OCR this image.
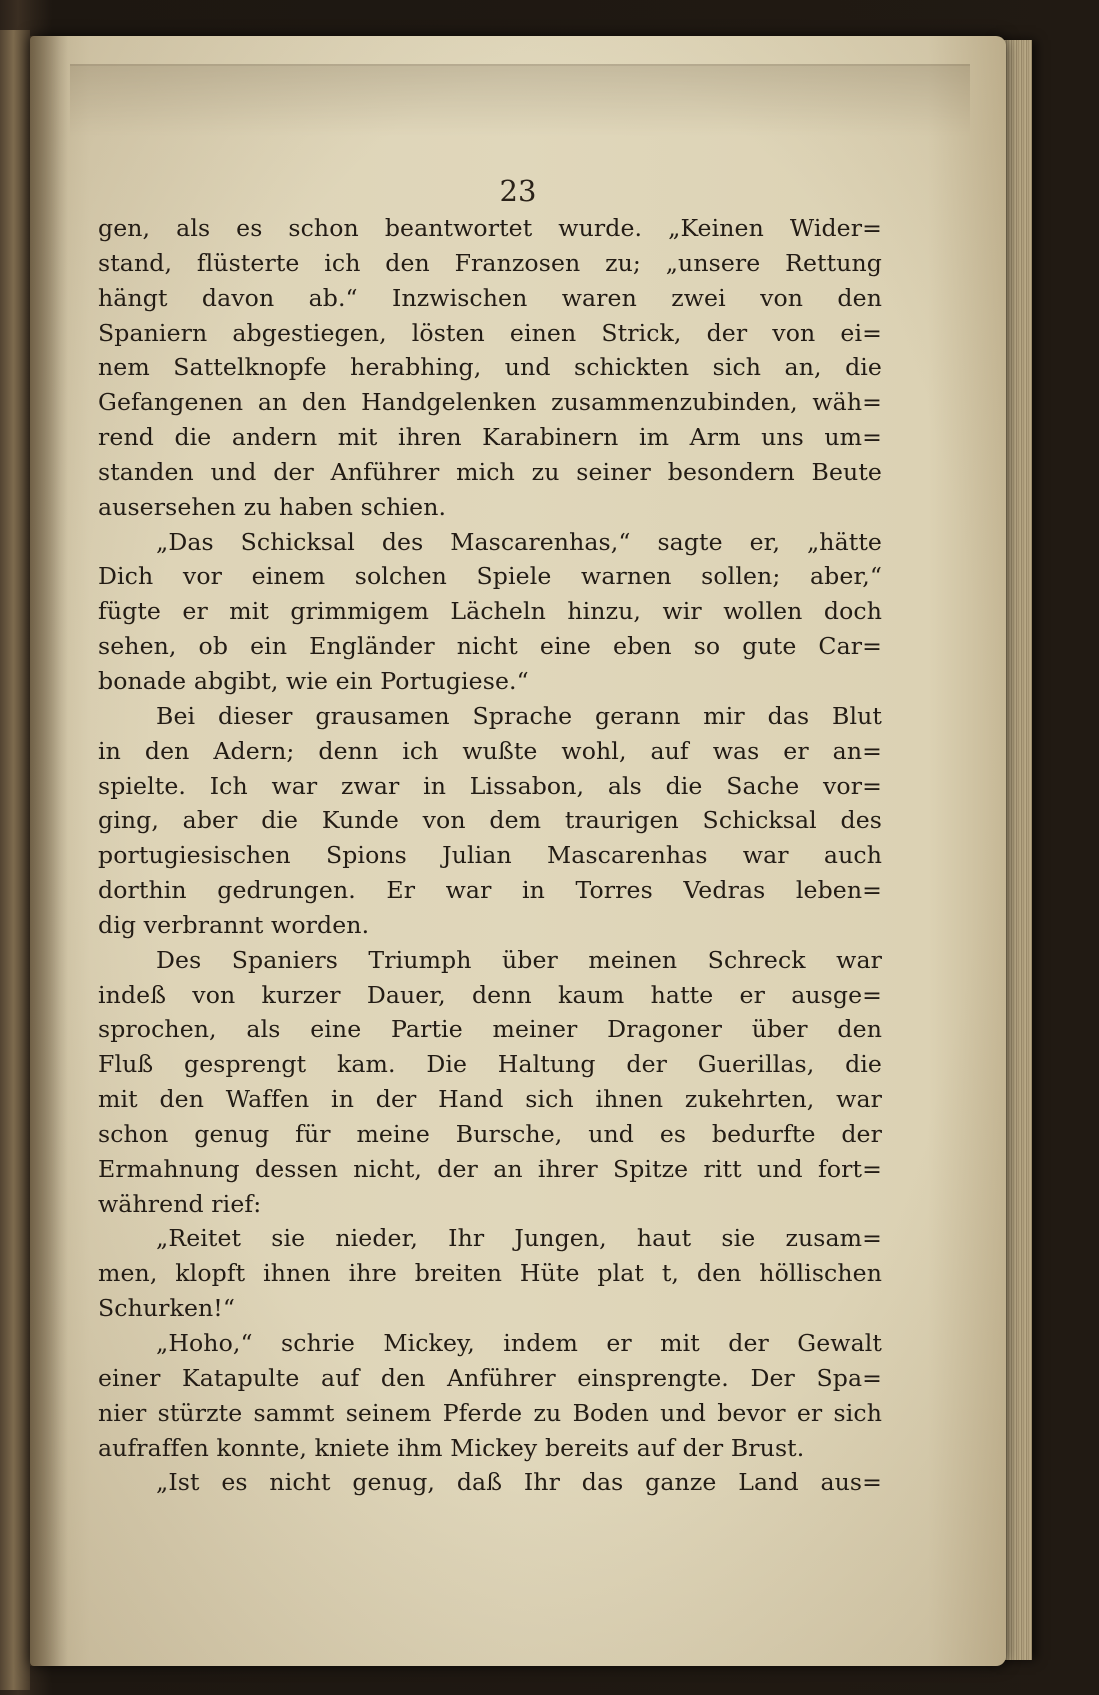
23
gen, als es schon beantwortet wurde. „Keinen Wider=
stand, flüsterte ich den Franzosen zu; „unsere Rettung
hängt davon ab.“ Inzwischen waren zwei von den
Spaniern abgestiegen, lösten einen Strick, der von ei=
nem Sattelknopfe herabhing, und schickten sich an, die
Gefangenen an den Handgelenken zusammenzubinden, wäh=
rend die andern mit ihren Karabinern im Arm uns um=
standen und der Anführer mich zu seiner besondern Beute
ausersehen zu haben schien.
„Das Schicksal des Mascarenhas,“ sagte er, „hätte
Dich vor einem solchen Spiele warnen sollen; aber,“
fügte er mit grimmigem Lächeln hinzu, wir wollen doch
sehen, ob ein Engländer nicht eine eben so gute Car=
bonade abgibt, wie ein Portugiese.“
Bei dieser grausamen Sprache gerann mir das Blut
in den Adern; denn ich wußte wohl, auf was er an=
spielte. Ich war zwar in Lissabon, als die Sache vor=
ging, aber die Kunde von dem traurigen Schicksal des
portugiesischen Spions Julian Mascarenhas war auch
dorthin gedrungen. Er war in Torres Vedras leben=
dig verbrannt worden.
Des Spaniers Triumph über meinen Schreck war
indeß von kurzer Dauer, denn kaum hatte er ausge=
sprochen, als eine Partie meiner Dragoner über den
Fluß gesprengt kam. Die Haltung der Guerillas, die
mit den Waffen in der Hand sich ihnen zukehrten, war
schon genug für meine Bursche, und es bedurfte der
Ermahnung dessen nicht, der an ihrer Spitze ritt und fort=
während rief:
„Reitet sie nieder, Ihr Jungen, haut sie zusam=
men, klopft ihnen ihre breiten Hüte plat t, den höllischen
Schurken!“
„Hoho,“ schrie Mickey, indem er mit der Gewalt
einer Katapulte auf den Anführer einsprengte. Der Spa=
nier stürzte sammt seinem Pferde zu Boden und bevor er sich
aufraffen konnte, kniete ihm Mickey bereits auf der Brust.
„Ist es nicht genug, daß Ihr das ganze Land aus=
